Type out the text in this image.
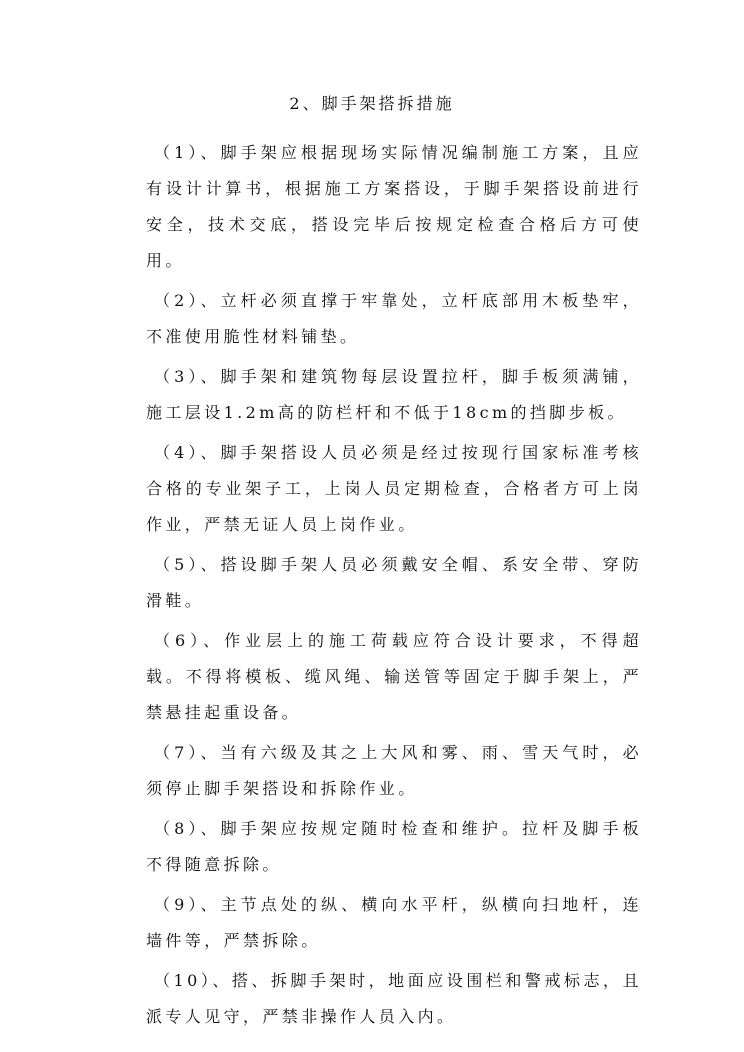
2、脚手架搭拆措施

（1）、脚手架应根据现场实际情况编制施工方案，且应有设计计算书，根据施工方案搭设，于脚手架搭设前进行安全，技术交底，搭设完毕后按规定检查合格后方可使用。

（2）、立杆必须直撑于牢靠处，立杆底部用木板垫牢，不准使用脆性材料铺垫。

（3）、脚手架和建筑物每层设置拉杆，脚手板须满铺，施工层设1.2m高的防栏杆和不低于18cm的挡脚步板。

（4）、脚手架搭设人员必须是经过按现行国家标准考核合格的专业架子工，上岗人员定期检查，合格者方可上岗作业，严禁无证人员上岗作业。

（5）、搭设脚手架人员必须戴安全帽、系安全带、穿防滑鞋。

（6）、作业层上的施工荷载应符合设计要求，不得超载。不得将模板、缆风绳、输送管等固定于脚手架上，严禁悬挂起重设备。

（7）、当有六级及其之上大风和雾、雨、雪天气时，必须停止脚手架搭设和拆除作业。

（8）、脚手架应按规定随时检查和维护。拉杆及脚手板不得随意拆除。

（9）、主节点处的纵、横向水平杆，纵横向扫地杆，连墙件等，严禁拆除。

（10）、搭、拆脚手架时，地面应设围栏和警戒标志，且派专人见守，严禁非操作人员入内。
